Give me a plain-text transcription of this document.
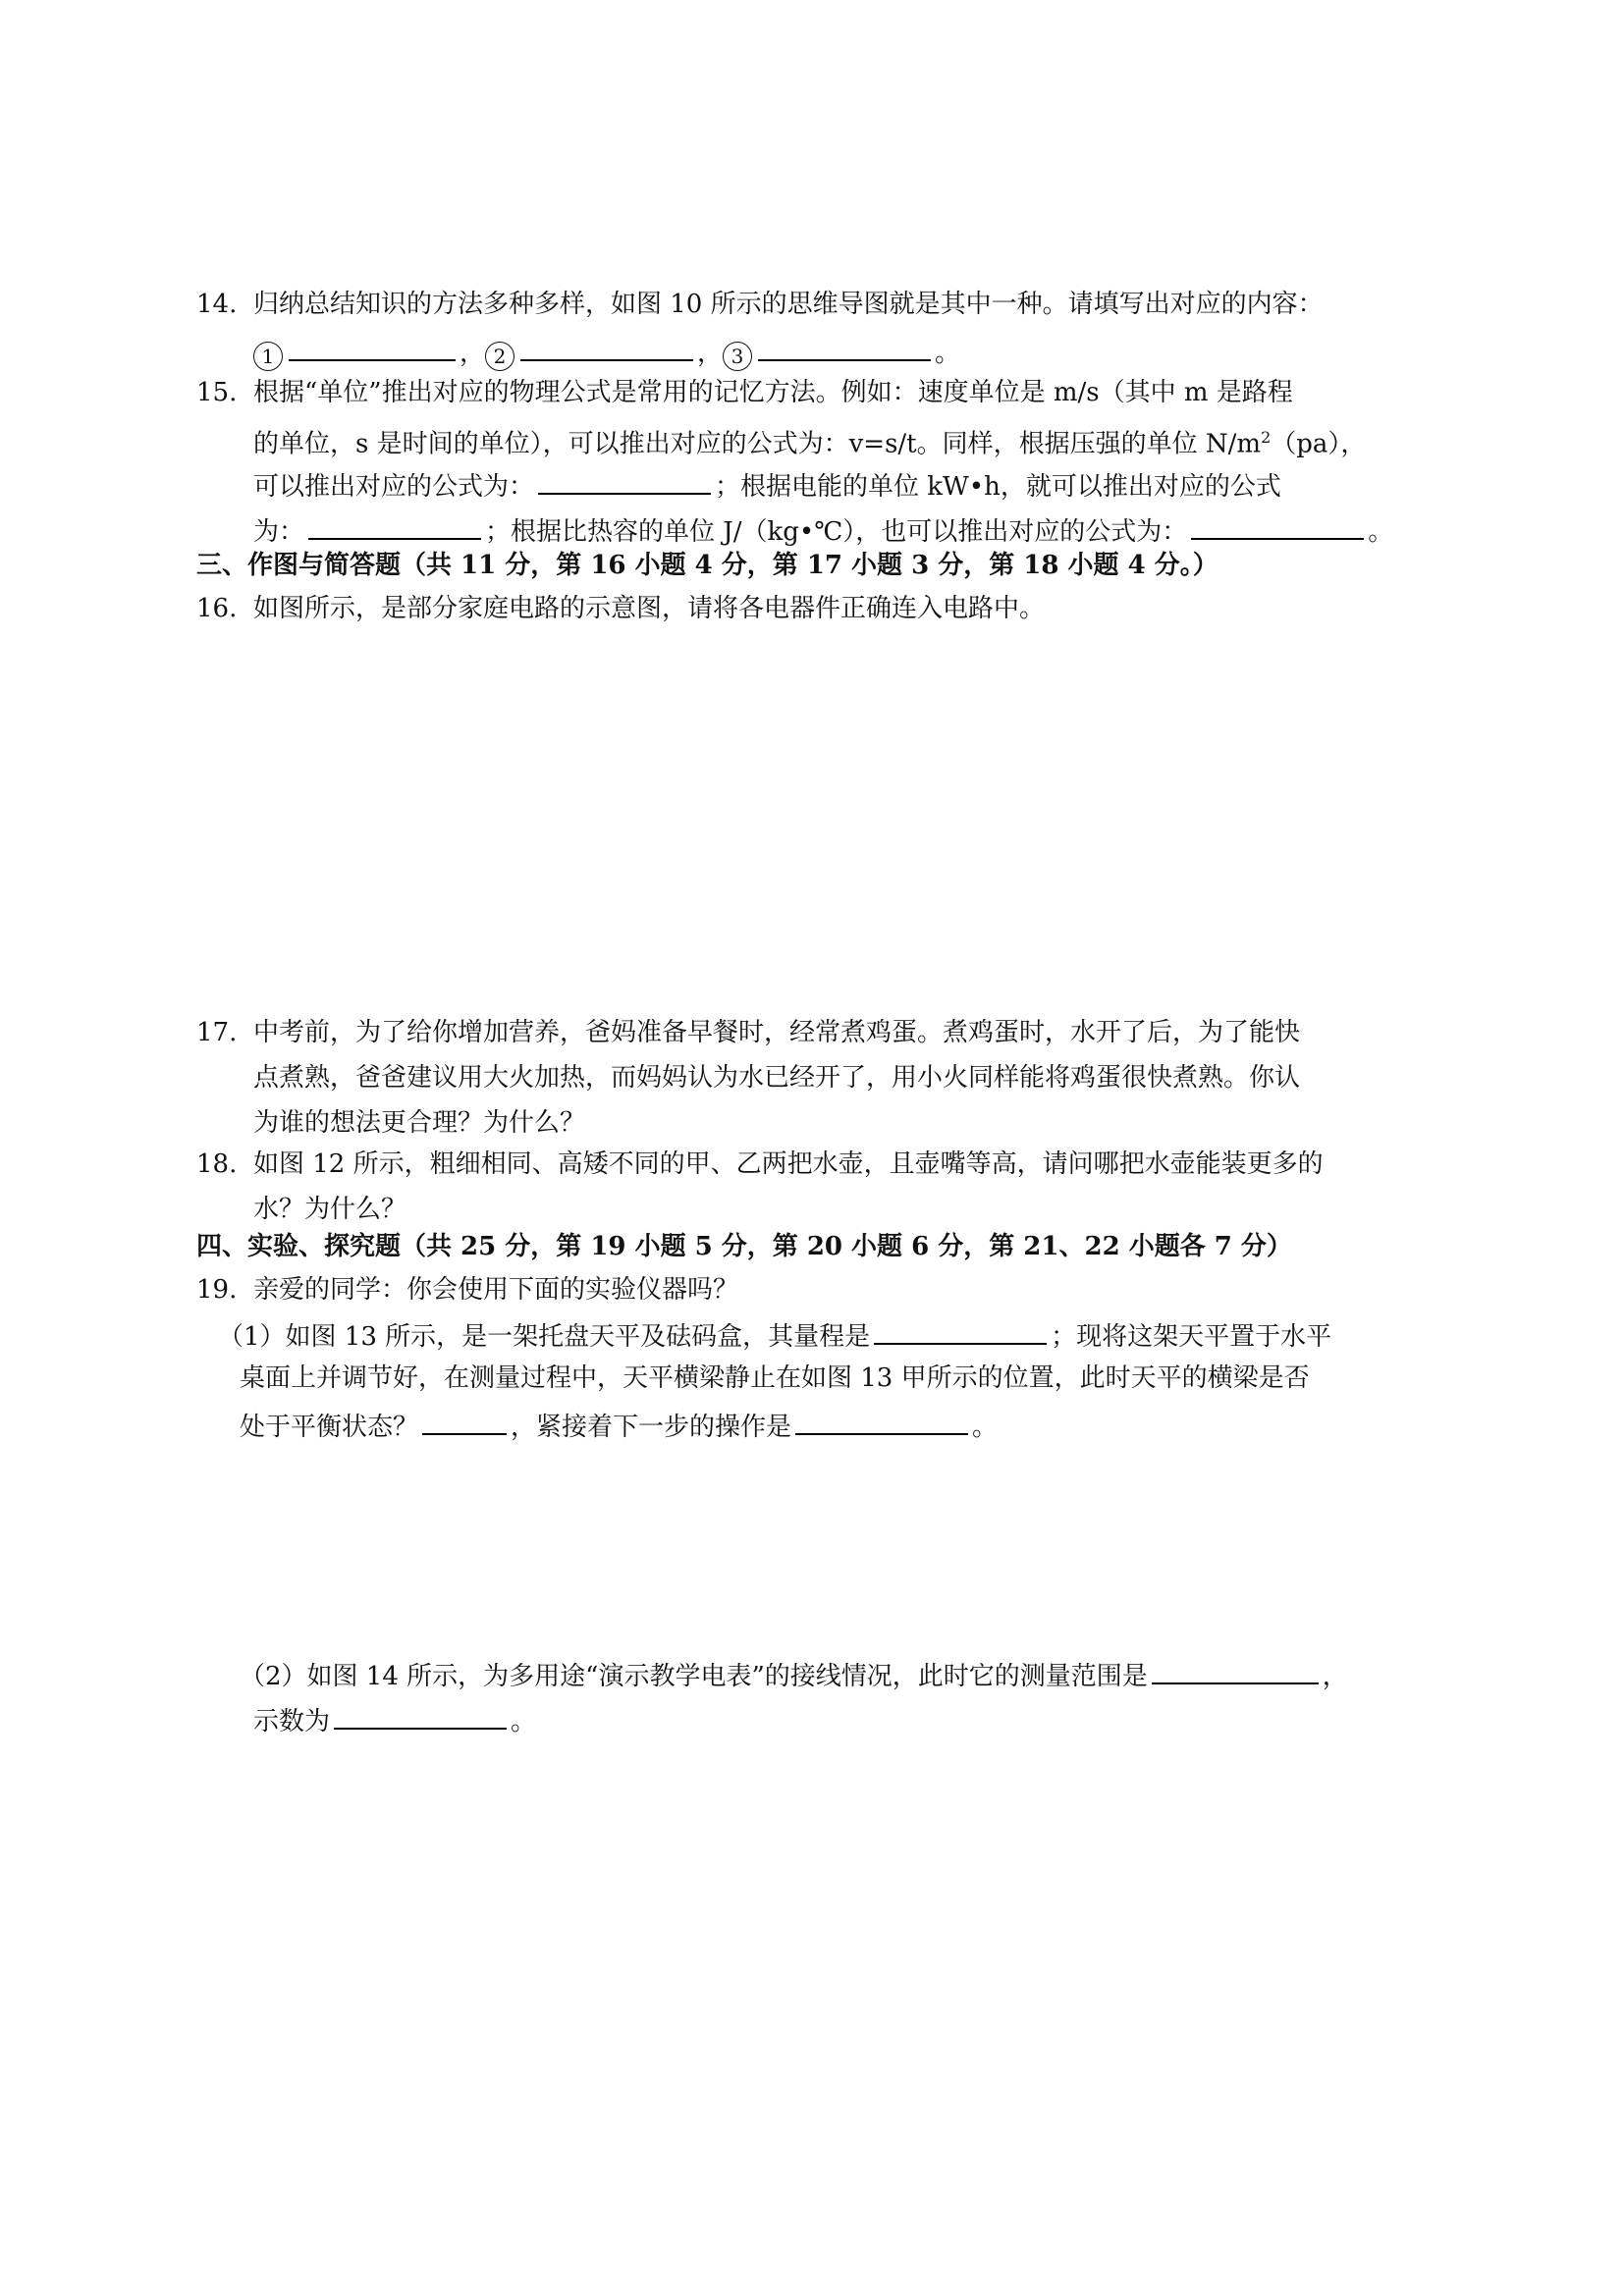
14. 归纳总结知识的方法多种多样，如图 10 所示的思维导图就是其中一种。请填写出对应的内容：
1	， 2	， 3	。
15. 根据“单位”推出对应的物理公式是常用的记忆方法。例如：速度单位是 m/s（其中 m 是路程
的单位，s 是时间的单位），可以推出对应的公式为：v=s/t。同样，根据压强的单位 $N/m^2(pa)$，
可以推出对应的公式为：	；根据电能的单位 kW•h，就可以推出对应的公式
为：	；根据比热容的单位 J/（kg•℃），也可以推出对应的公式为：	。
三、作图与简答题（共 11 分，第 16 小题 4 分，第 17 小题 3 分，第 18 小题 4 分。）
16. 如图所示，是部分家庭电路的示意图，请将各电器件正确连入电路中。
17. 中考前，为了给你增加营养，爸妈准备早餐时，经常煮鸡蛋。煮鸡蛋时，水开了后，为了能快
点煮熟，爸爸建议用大火加热，而妈妈认为水已经开了，用小火同样能将鸡蛋很快煮熟。你认
为谁的想法更合理？为什么？
18. 如图 12 所示，粗细相同、高矮不同的甲、乙两把水壶，且壶嘴等高，请问哪把水壶能装更多的
水？为什么？
四、实验、探究题（共 25 分，第 19 小题 5 分，第 20 小题 6 分，第 21、22 小题各 7 分）
19. 亲爱的同学：你会使用下面的实验仪器吗？
（1）如图 13 所示，是一架托盘天平及砝码盒，其量程是	；现将这架天平置于水平
桌面上并调节好，在测量过程中，天平横梁静止在如图 13 甲所示的位置，此时天平的横梁是否
处于平衡状态？	，紧接着下一步的操作是	。
（2）如图 14 所示，为多用途“演示教学电表”的接线情况，此时它的测量范围是	，
示数为	。
